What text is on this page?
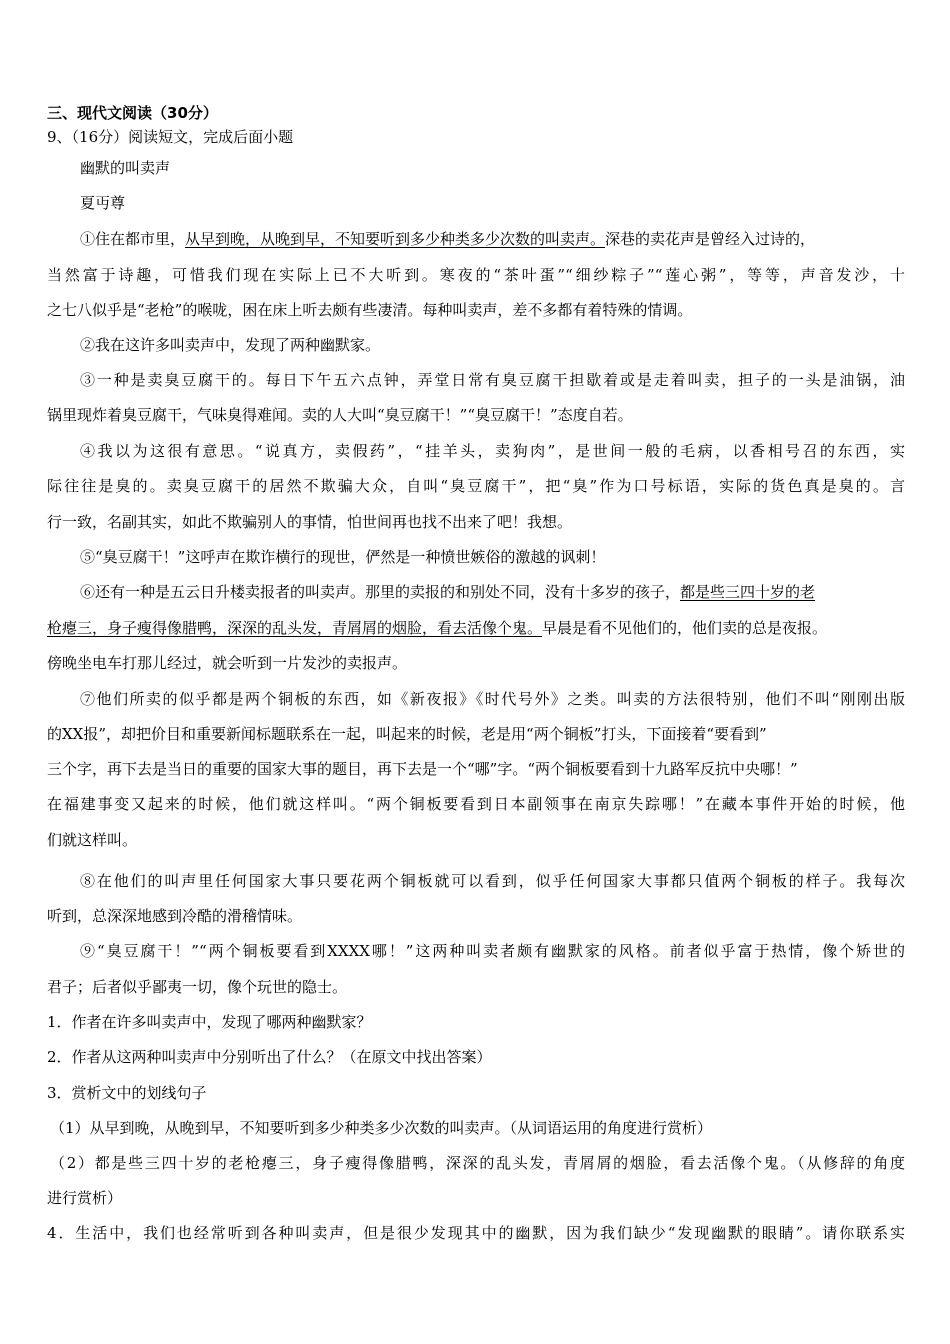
三、现代文阅读（30分）
9、（16分）阅读短文，完成后面小题
幽默的叫卖声
夏丏尊
①住在都市里，从早到晚，从晚到早，不知要听到多少种类多少次数的叫卖声。深巷的卖花声是曾经入过诗的，
当然富于诗趣，可惜我们现在实际上已不大听到。寒夜的“茶叶蛋”“细纱粽子”“莲心粥”，等等，声音发沙，十
之七八似乎是“老枪”的喉咙，困在床上听去颇有些凄清。每种叫卖声，差不多都有着特殊的情调。
②我在这许多叫卖声中，发现了两种幽默家。
③一种是卖臭豆腐干的。每日下午五六点钟，弄堂日常有臭豆腐干担歇着或是走着叫卖，担子的一头是油锅，油
锅里现炸着臭豆腐干，气味臭得难闻。卖的人大叫“臭豆腐干！”“臭豆腐干！”态度自若。
④我以为这很有意思。“说真方，卖假药”，“挂羊头，卖狗肉”，是世间一般的毛病，以香相号召的东西，实
际往往是臭的。卖臭豆腐干的居然不欺骗大众，自叫“臭豆腐干”，把“臭”作为口号标语，实际的货色真是臭的。言
行一致，名副其实，如此不欺骗别人的事情，怕世间再也找不出来了吧！我想。
⑤“臭豆腐干！”这呼声在欺诈横行的现世，俨然是一种愤世嫉俗的激越的讽刺！
⑥还有一种是五云日升楼卖报者的叫卖声。那里的卖报的和别处不同，没有十多岁的孩子，都是些三四十岁的老
枪瘪三，身子瘦得像腊鸭，深深的乱头发，青屑屑的烟脸，看去活像个鬼。早晨是看不见他们的，他们卖的总是夜报。
傍晚坐电车打那儿经过，就会听到一片发沙的卖报声。
⑦他们所卖的似乎都是两个铜板的东西，如《新夜报》《时代号外》之类。叫卖的方法很特别，他们不叫“刚刚出版
的XX报”，却把价目和重要新闻标题联系在一起，叫起来的时候，老是用“两个铜板”打头，下面接着“要看到”
三个字，再下去是当日的重要的国家大事的题目，再下去是一个“哪”字。“两个铜板要看到十九路军反抗中央哪！”
在福建事变又起来的时候，他们就这样叫。“两个铜板要看到日本副领事在南京失踪哪！”在藏本事件开始的时候，他
们就这样叫。
⑧在他们的叫声里任何国家大事只要花两个铜板就可以看到，似乎任何国家大事都只值两个铜板的样子。我每次
听到，总深深地感到冷酷的滑稽情味。
⑨“臭豆腐干！”“两个铜板要看到XXXX哪！”这两种叫卖者颇有幽默家的风格。前者似乎富于热情，像个矫世的
君子；后者似乎鄙夷一切，像个玩世的隐士。
1．作者在许多叫卖声中，发现了哪两种幽默家？
2．作者从这两种叫卖声中分别听出了什么？（在原文中找出答案）
3．赏析文中的划线句子
（1）从早到晚，从晚到早，不知要听到多少种类多少次数的叫卖声。（从词语运用的角度进行赏析）
（2）都是些三四十岁的老枪瘪三，身子瘦得像腊鸭，深深的乱头发，青屑屑的烟脸，看去活像个鬼。（从修辞的角度
进行赏析）
4．生活中，我们也经常听到各种叫卖声，但是很少发现其中的幽默，因为我们缺少“发现幽默的眼睛”。请你联系实
